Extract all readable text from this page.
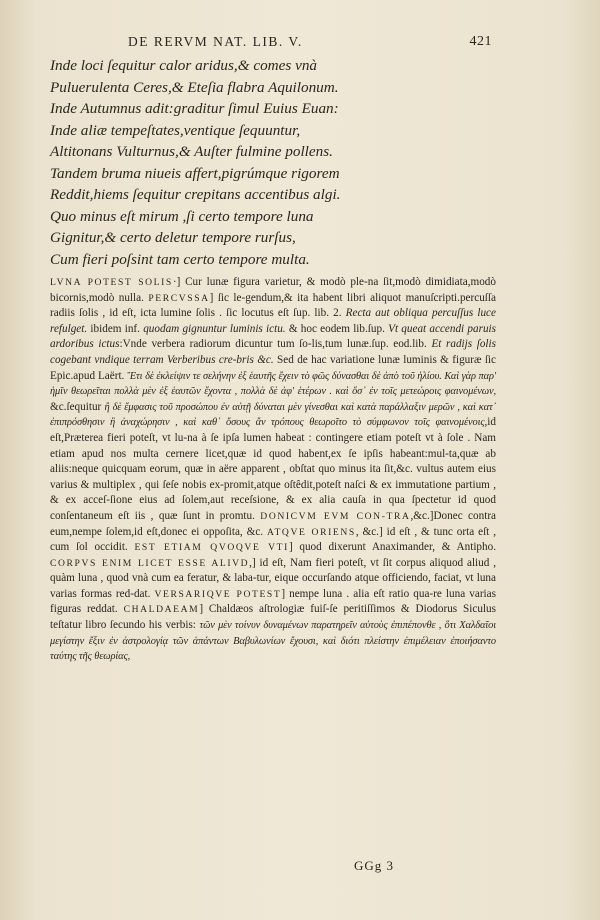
DE RERVM NAT. LIB. V.	421
Inde loci ſequitur calor aridus,& comes vnà
Puluerulenta Ceres,& Eteſia flabra Aquilonum.
Inde Autumnus adit:graditur ſimul Euius Euan:
Inde aliæ tempeſtates,ventique ſequuntur,
Altitonans Vulturnus,& Auſter fulmine pollens.
Tandem bruma niueis affert,pigrúmque rigorem
Reddit,hiems ſequitur crepitans accentibus algi.
Quo minus eſt mirum ,ſi certo tempore luna
Gignitur,& certo deletur tempore rurſus,
Cum fieri poſsint tam certo tempore multa.

LVNA POTEST SOLIS·] Cur lunæ figura varietur, & modò ple-na ſit,modò dimidiata,modò bicornis,modò nulla. PERCVSSA] ſic le-gendum,& ita habent libri aliquot manuſcripti.percuſſa radiis ſolis , id eſt, icta lumine ſolis . ſic locutus eſt ſup. lib. 2. Recta aut obliqua percuſſus luce refulget. ibidem inf. quodam gignuntur luminis ictu. & hoc eodem lib.ſup. Vt queat accendi paruis ardoribus ictus:Vnde verbera radiorum dicuntur tum ſo-lis,tum lunæ.ſup. eod.lib. Et radijs ſolis cogebant vndique terram Verberibus cre-bris &c. Sed de hac variatione lunæ luminis & figuræ ſic Epic.apud Laërt. Ἔτι δὲ ἐκλείψιν τε σελήνην ἐξ ἑαυτῆς ἔχειν τὸ φῶς δύνασθαι δὲ ἀπὸ τοῦ ἡλίου. Καὶ γὰρ παρ' ἡμῖν θεωρεῖται πολλὰ μὲν ἐξ ἑαυτῶν ἔχοντα , πολλὰ δὲ ἀφ' ἑτέρων . καὶ ὅσ᾽ ἐν τοῖς μετεώροις φαινομένων, &c.ſequitur ἢ δὲ ἔμφασις τοῦ προσώπου ἐν αὐτῇ δύναται μὲν γίνεσθαι καὶ κατὰ παράλλαξιν μερῶν , καὶ κατ᾽ ἐπιπρόσθησιν ἢ ἀναχώρησιν , καὶ καθ᾽ ὅσους ἄν τρόπους θεωροῖτο τὸ σύμφωνον τοῖς φαινομένοις,id eſt,Præterea fieri poteſt, vt lu-na à ſe ipſa lumen habeat : contingere etiam poteſt vt à ſole . Nam etiam apud nos multa cernere licet,quæ id quod habent,ex ſe ipſis habeant:mul-ta,quæ ab aliis:neque quicquam eorum, quæ in aëre apparent , obſtat quo minus ita ſit,&c. vultus autem eius varius & multiplex , qui ſeſe nobis ex-promit,atque oſtêdit,poteſt naſci & ex immutatione partium , & ex acceſ-ſione eius ad ſolem,aut receſsione, & ex alia cauſa in qua ſpectetur id quod conſentaneum eſt iis , quæ ſunt in promtu. DONICVM EVM CON-TRA,&c.]Donec contra eum,nempe ſolem,id eſt,donec ei oppoſita, &c. ATQVE ORIENS, &c.] id eſt , & tunc orta eſt , cum ſol occidit. EST ETIAM QVOQVE VTI] quod dixerunt Anaximander, & Antipho. CORPVS ENIM LICET ESSE ALIVD,] id eſt, Nam fieri poteſt, vt ſit corpus aliquod aliud , quàm luna , quod vnà cum ea feratur, & laba-tur, eique occurſando atque officiendo, faciat, vt luna varias formas red-dat. VERSARIQVE POTEST] nempe luna . alia eſt ratio qua-re luna varias figuras reddat. CHALDAEAM] Chaldæos aſtrologiæ fuiſ-ſe peritiſſimos & Diodorus Siculus teſtatur libro ſecundo his verbis: τῶν μὲν τοίνυν δυναμένων παρατηρεῖν αὐτοὺς ἐπιπέπονθε , ὅτι Χαλδαῖοι μεγίστην ἔξιν ἐν ἀστρολογίᾳ τῶν ἁπάντων Βαβυλωνίων ἔχουσι, καὶ διότι πλείστην ἐπιμέλειαν ἐποιήσαντο ταύτης τῆς θεωρίας,

GGg 3
